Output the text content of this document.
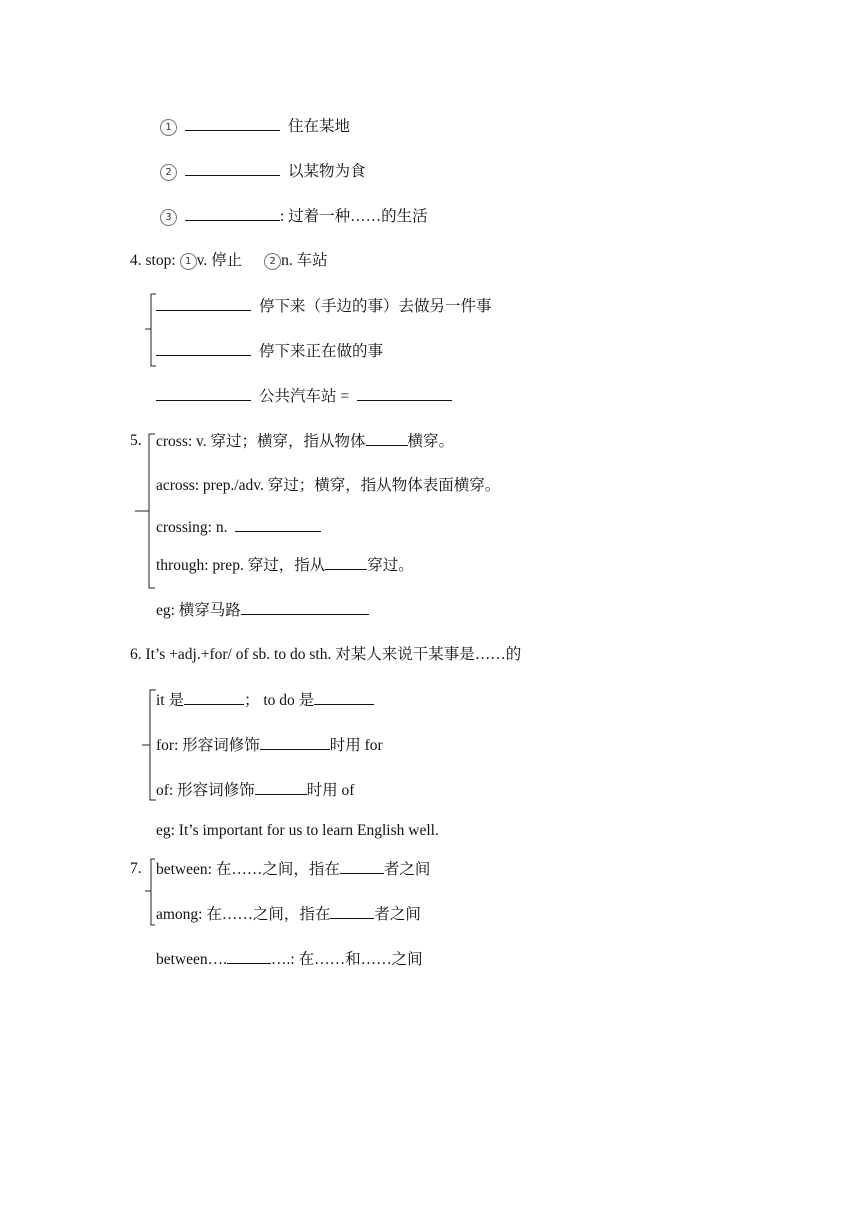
1	住在某地
2	以某物为食
3	: 过着一种……的生活
4. stop: 1 v. 停止	2 n. 车站
停下来（手边的事）去做另一件事
停下来正在做的事
公共汽车站 =
5. cross: v. 穿过；横穿，指从物体	横穿。
across: prep./adv. 穿过；横穿，指从物体表面横穿。
crossing: n.
through: prep. 穿过，指从	穿过。
eg: 横穿马路
6. It’s +adj.+for/ of sb. to do sth. 对某人来说干某事是……的
it 是	； to do 是
for: 形容词修饰	时用 for
of: 形容词修饰	时用 of
eg: It’s important for us to learn English well.
7. between: 在……之间，指在	者之间
among: 在……之间，指在	者之间
between….	….: 在……和……之间
